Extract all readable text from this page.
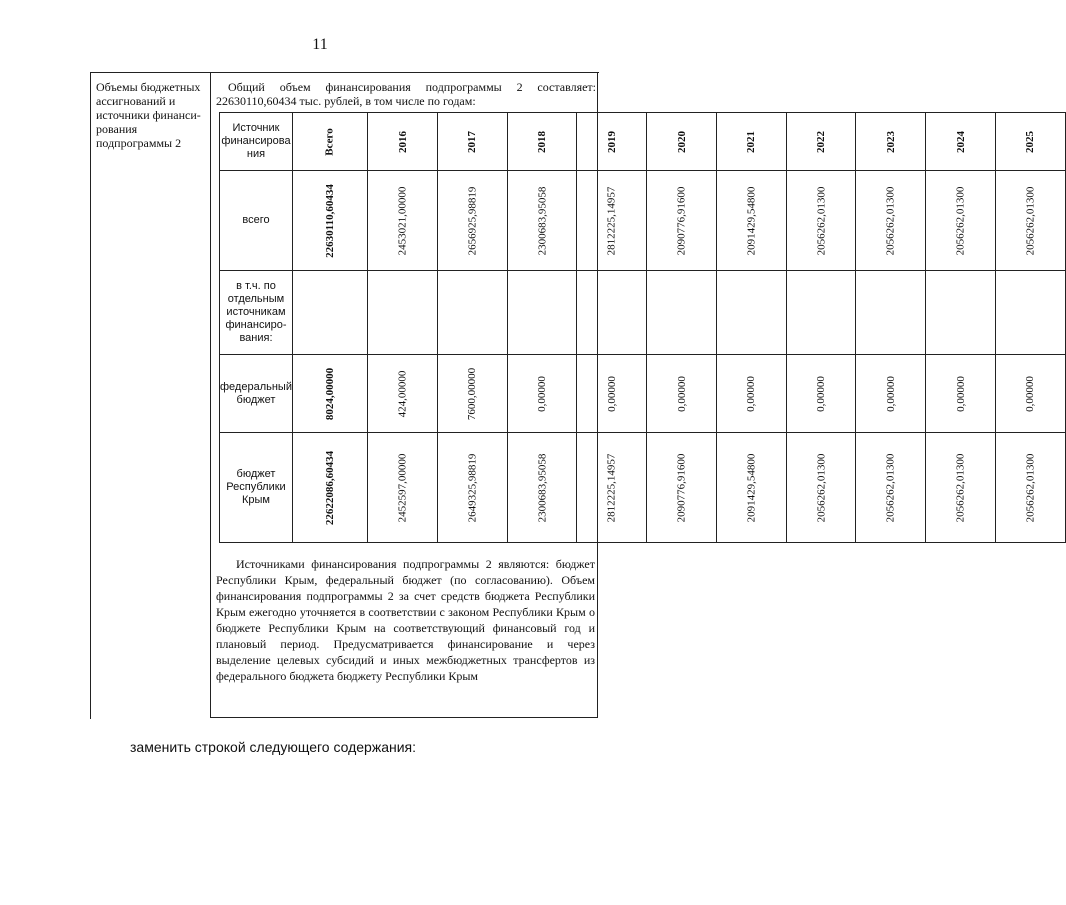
11
Объемы бюджетных ассигнований и источники финансирования подпрограммы 2
Общий объем финансирования подпрограммы 2 составляет: 22630110,60434 тыс. рублей, в том числе по годам:
Источник финансирова ния	Всего	2016	2017	2018	2019	2020	2021	2022	2023	2024	2025
всего	22630110,60434	2453021,00000	2656925,98819	2300683,95058	2812225,14957	2090776,91600	2091429,54800	2056262,01300	2056262,01300	2056262,01300	2056262,01300
в т.ч. по отдельным источникам финансирования:											
федеральный бюджет	8024,00000	424,00000	7600,00000	0,00000	0,00000	0,00000	0,00000	0,00000	0,00000	0,00000	0,00000
бюджет Республики Крым	22622086,60434	2452597,00000	2649325,98819	2300683,95058	2812225,14957	2090776,91600	2091429,54800	2056262,01300	2056262,01300	2056262,01300	2056262,01300
Источниками финансирования подпрограммы 2 являются: бюджет Республики Крым, федеральный бюджет (по согласованию). Объем финансирования подпрограммы 2 за счет средств бюджета Республики Крым ежегодно уточняется в соответствии с законом Республики Крым о бюджете Республики Крым на соответствующий финансовый год и плановый период. Предусматривается финансирование и через выделение целевых субсидий и иных межбюджетных трансфертов из федерального бюджета бюджету Республики Крым
заменить строкой следующего содержания:
